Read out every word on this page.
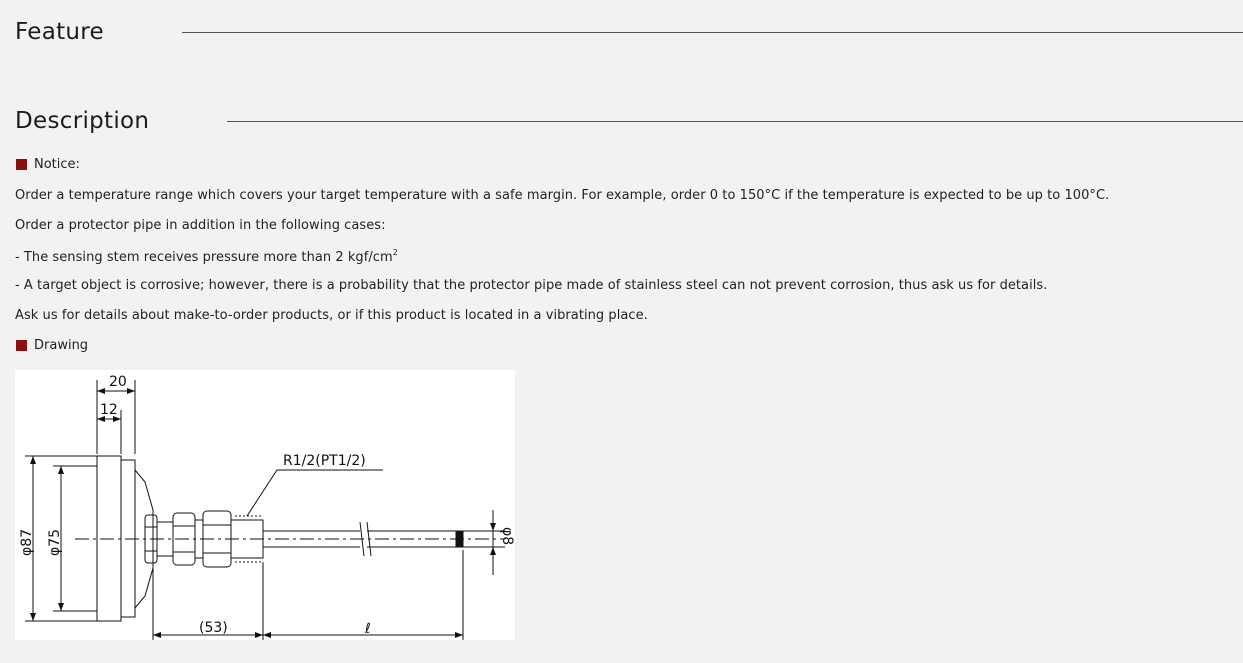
Feature
Description
Notice:
Order a temperature range which covers your target temperature with a safe margin. For example, order 0 to 150°C if the temperature is expected to be up to 100°C.
Order a protector pipe in addition in the following cases:
- The sensing stem receives pressure more than 2 kgf/$cm^2$
- A target object is corrosive; however, there is a probability that the protector pipe made of stainless steel can not prevent corrosion, thus ask us for details.
Ask us for details about make-to-order products, or if this product is located in a vibrating place.
Drawing
20
12
R1/2(PT1/2)
φ87 φ75	φ8
(53)	ℓ
